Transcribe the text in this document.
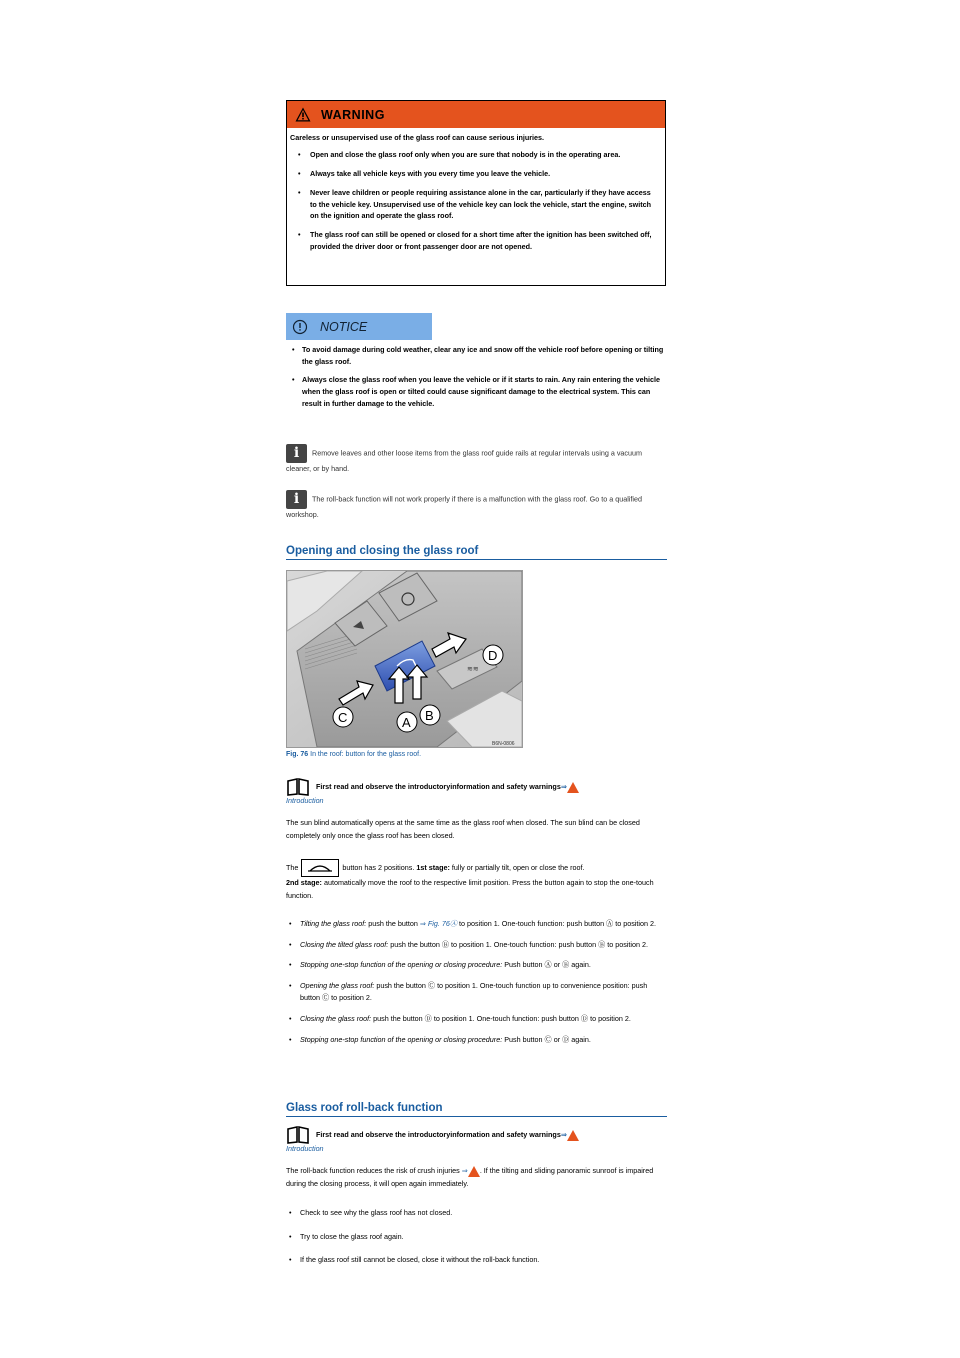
WARNING
Careless or unsupervised use of the glass roof can cause serious injuries.
• Open and close the glass roof only when you are sure that nobody is in the operating area.
• Always take all vehicle keys with you every time you leave the vehicle.
• Never leave children or people requiring assistance alone in the car, particularly if they have access to the vehicle key. Unsupervised use of the vehicle key can lock the vehicle, start the engine, switch on the ignition and operate the glass roof.
• The glass roof can still be opened or closed for a short time after the ignition has been switched off, provided the driver door or front passenger door are not opened.
NOTICE
• To avoid damage during cold weather, clear any ice and snow off the vehicle roof before opening or tilting the glass roof.
• Always close the glass roof when you leave the vehicle or if it starts to rain. Any rain entering the vehicle when the glass roof is open or tilted could cause significant damage to the electrical system. This can result in further damage to the vehicle.
i Remove leaves and other loose items from the glass roof guide rails at regular intervals using a vacuum cleaner, or by hand.
i The roll-back function will not work properly if there is a malfunction with the glass roof. Go to a qualified workshop.
Opening and closing the glass roof
≋≋
C	A B
D
B6N-0806
Fig. 76 In the roof: button for the glass roof.
First read and observe the introductoryinformation and safety warnings⇒
Introduction
The sun blind automatically opens at the same time as the glass roof when closed. The sun blind can be closed completely only once the glass roof has been closed.
The	button has 2 positions. 1st stage: fully or partially tilt, open or close the roof.
2nd stage: automatically move the roof to the respective limit position. Press the button again to stop the one-touch function.
• Tilting the glass roof: push the button ⇒ Fig. 76Ⓐ to position 1. One-touch function: push button Ⓐ to position 2.
• Closing the tilted glass roof: push the button Ⓑ to position 1. One-touch function: push button Ⓑ to position 2.
• Stopping one-stop function of the opening or closing procedure: Push button Ⓐ or Ⓑ again.
• Opening the glass roof: push the button Ⓒ to position 1. One-touch function up to convenience position: push button Ⓒ to position 2.
• Closing the glass roof: push the button Ⓓ to position 1. One-touch function: push button Ⓓ to position 2.
• Stopping one-stop function of the opening or closing procedure: Push button Ⓒ or Ⓓ again.
Glass roof roll-back function
First read and observe the introductoryinformation and safety warnings⇒
Introduction
The roll-back function reduces the risk of crush injuries ⇒ . If the tilting and sliding panoramic sunroof is impaired during the closing process, it will open again immediately.
• Check to see why the glass roof has not closed.
• Try to close the glass roof again.
• If the glass roof still cannot be closed, close it without the roll-back function.
